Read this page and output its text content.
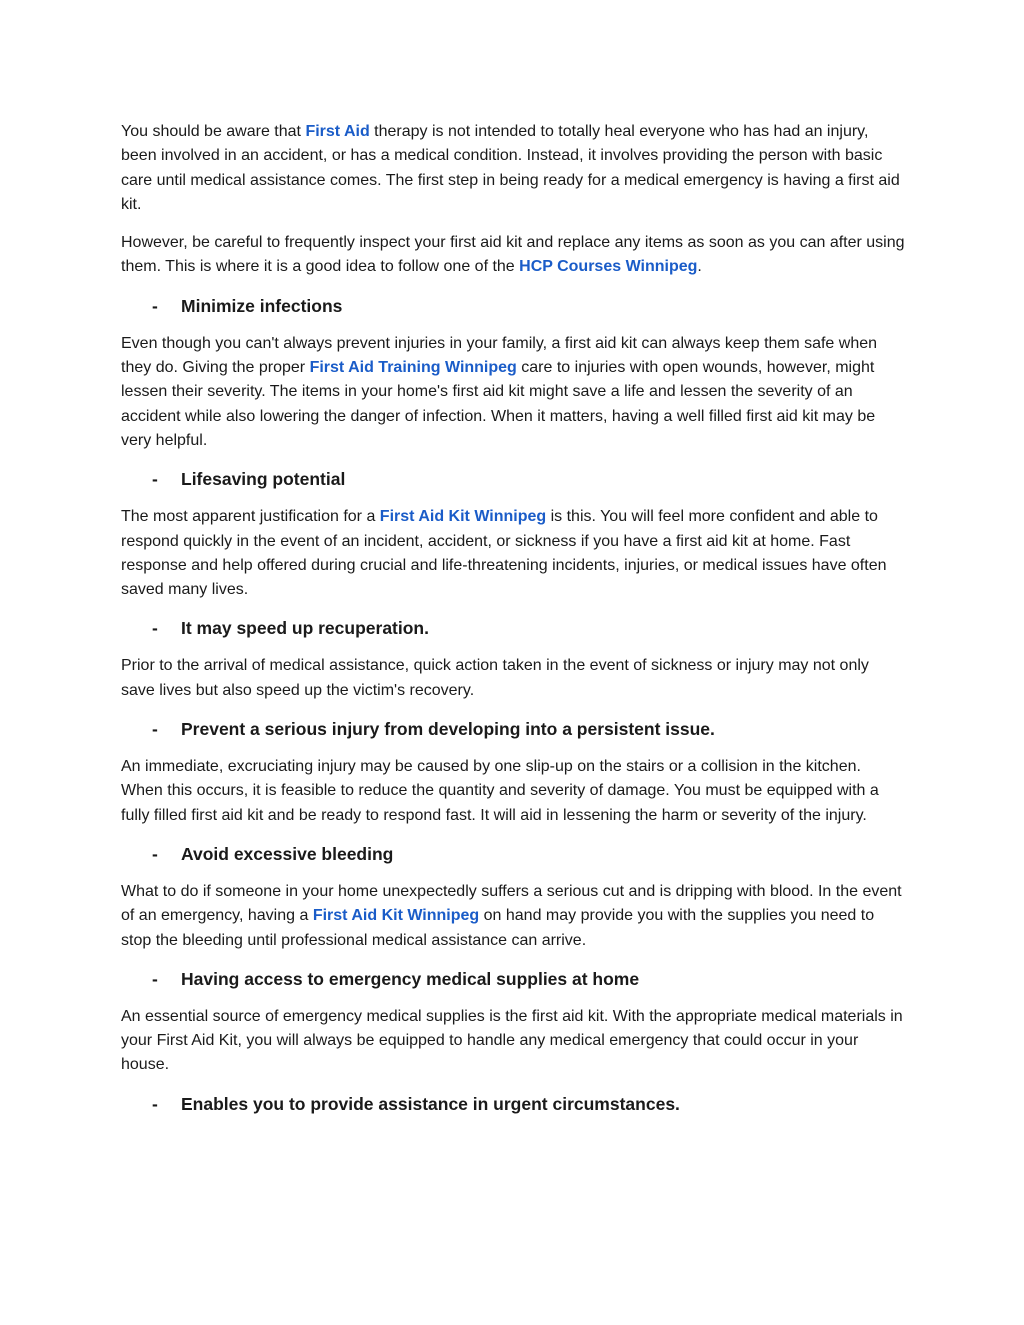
You should be aware that First Aid therapy is not intended to totally heal everyone who has had an injury, been involved in an accident, or has a medical condition. Instead, it involves providing the person with basic care until medical assistance comes. The first step in being ready for a medical emergency is having a first aid kit.

However, be careful to frequently inspect your first aid kit and replace any items as soon as you can after using them. This is where it is a good idea to follow one of the HCP Courses Winnipeg.

-	Minimize infections

Even though you can't always prevent injuries in your family, a first aid kit can always keep them safe when they do. Giving the proper First Aid Training Winnipeg care to injuries with open wounds, however, might lessen their severity. The items in your home's first aid kit might save a life and lessen the severity of an accident while also lowering the danger of infection. When it matters, having a well filled first aid kit may be very helpful.

-	Lifesaving potential

The most apparent justification for a First Aid Kit Winnipeg is this. You will feel more confident and able to respond quickly in the event of an incident, accident, or sickness if you have a first aid kit at home. Fast response and help offered during crucial and life-threatening incidents, injuries, or medical issues have often saved many lives.

-	It may speed up recuperation.

Prior to the arrival of medical assistance, quick action taken in the event of sickness or injury may not only save lives but also speed up the victim's recovery.

-	Prevent a serious injury from developing into a persistent issue.

An immediate, excruciating injury may be caused by one slip-up on the stairs or a collision in the kitchen. When this occurs, it is feasible to reduce the quantity and severity of damage. You must be equipped with a fully filled first aid kit and be ready to respond fast. It will aid in lessening the harm or severity of the injury.

-	Avoid excessive bleeding

What to do if someone in your home unexpectedly suffers a serious cut and is dripping with blood. In the event of an emergency, having a First Aid Kit Winnipeg on hand may provide you with the supplies you need to stop the bleeding until professional medical assistance can arrive.

-	Having access to emergency medical supplies at home

An essential source of emergency medical supplies is the first aid kit. With the appropriate medical materials in your First Aid Kit, you will always be equipped to handle any medical emergency that could occur in your house.

-	Enables you to provide assistance in urgent circumstances.
